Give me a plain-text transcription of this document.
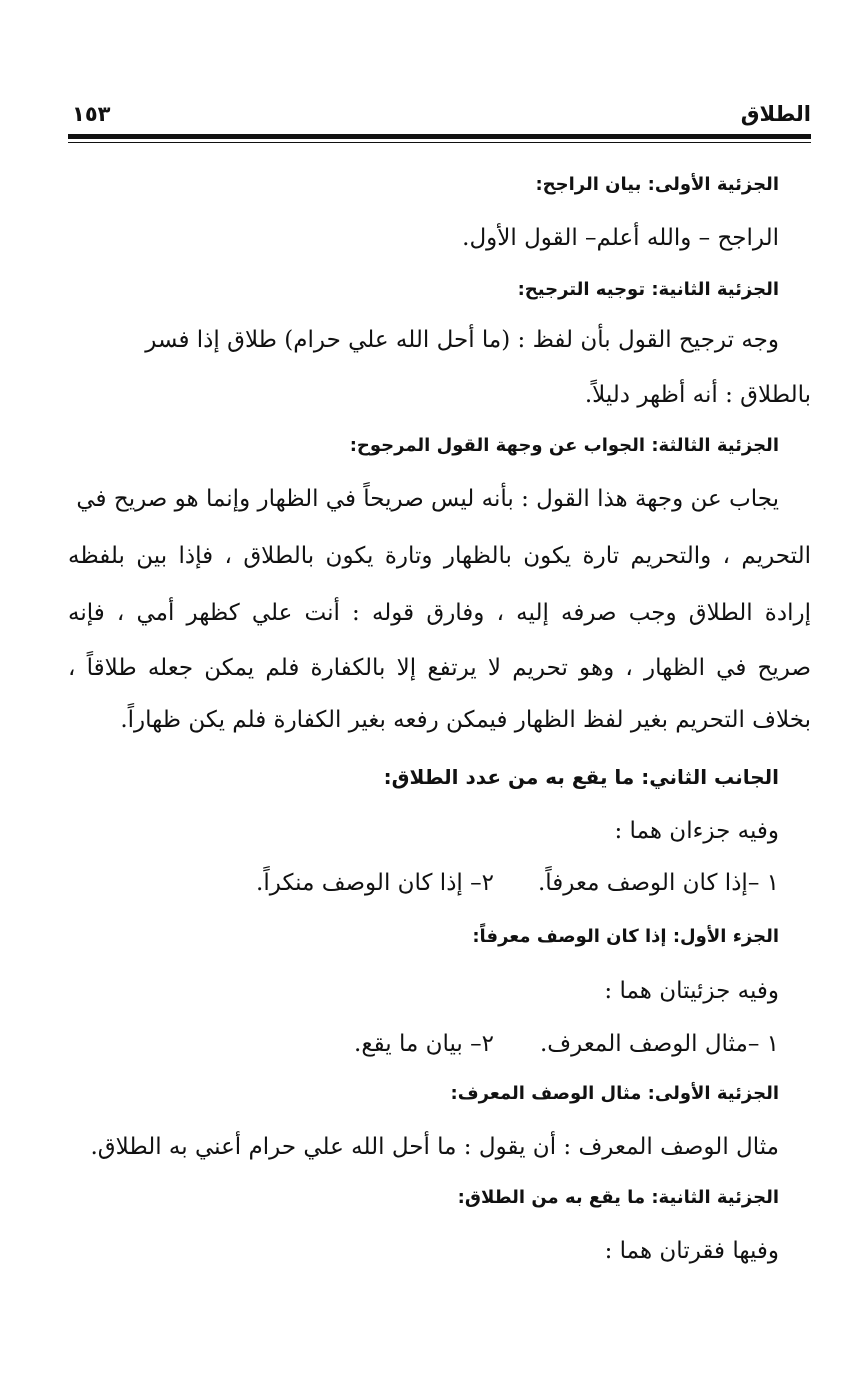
الطلاق
١٥٣
الجزئية الأولى: بيان الراجح:
الراجح – والله أعلم– القول الأول.
الجزئية الثانية: توجيه الترجيح:
وجه ترجيح القول بأن لفظ : (ما أحل الله علي حرام) طلاق إذا فسر
بالطلاق : أنه أظهر دليلاً.
الجزئية الثالثة: الجواب عن وجهة القول المرجوح:
يجاب عن وجهة هذا القول : بأنه ليس صريحاً في الظهار وإنما هو صريح في
التحريم ، والتحريم تارة يكون بالظهار وتارة يكون بالطلاق ، فإذا بين بلفظه
إرادة الطلاق وجب صرفه إليه ، وفارق قوله : أنت علي كظهر أمي ، فإنه
صريح في الظهار ، وهو تحريم لا يرتفع إلا بالكفارة فلم يمكن جعله طلاقاً ،
بخلاف التحريم بغير لفظ الظهار فيمكن رفعه بغير الكفارة فلم يكن ظهاراً.
الجانب الثاني: ما يقع به من عدد الطلاق:
وفيه جزءان هما :
١ –إذا كان الوصف معرفاً.
٢– إذا كان الوصف منكراً.
الجزء الأول: إذا كان الوصف معرفاً:
وفيه جزئيتان هما :
١ –مثال الوصف المعرف.
٢– بيان ما يقع.
الجزئية الأولى: مثال الوصف المعرف:
مثال الوصف المعرف : أن يقول : ما أحل الله علي حرام أعني به الطلاق.
الجزئية الثانية: ما يقع به من الطلاق:
وفيها فقرتان هما :
